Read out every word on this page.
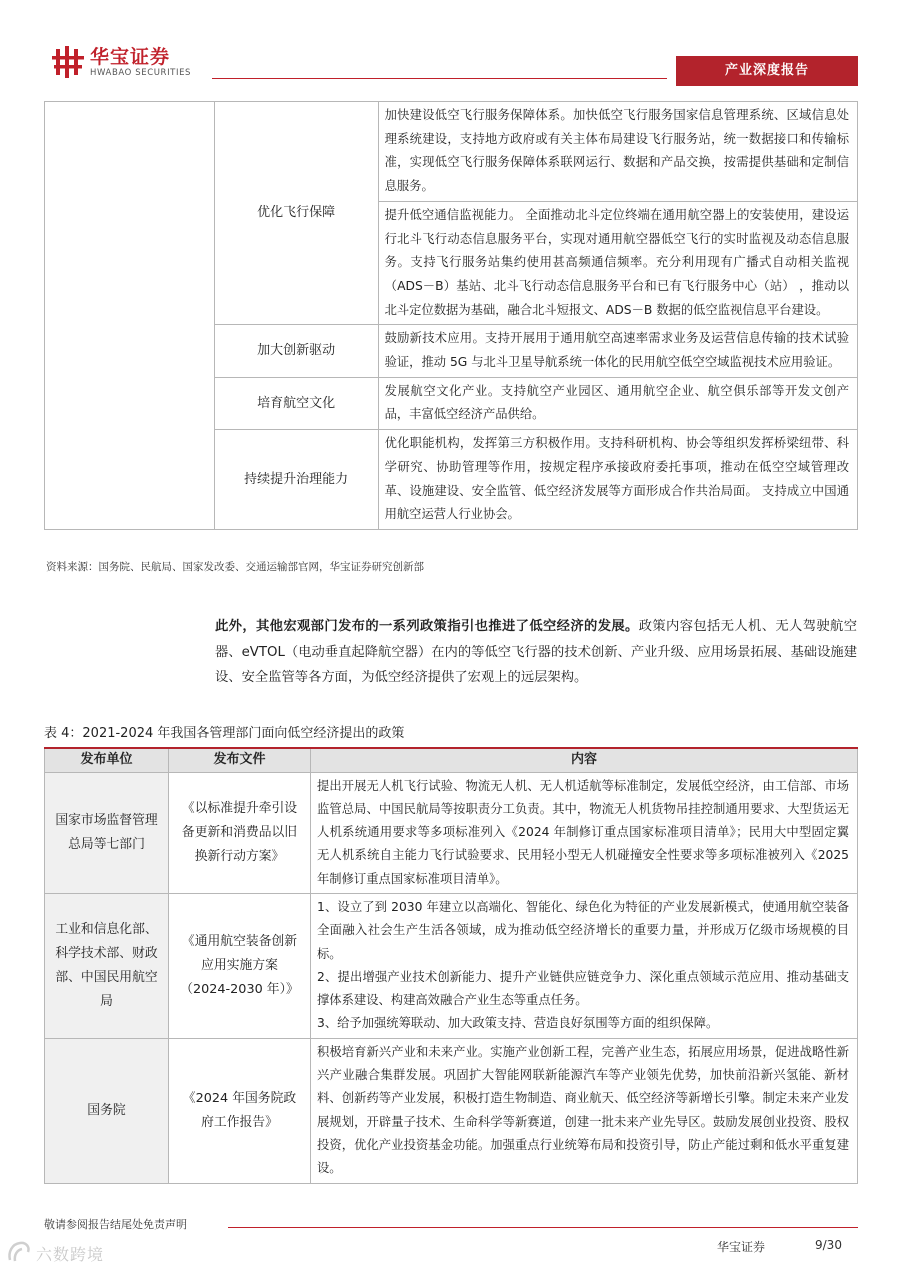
华宝证券
HWABAO SECURITIES	产业深度报告
	优化飞行保障	加快建设低空飞行服务保障体系。加快低空飞行服务国家信息管理系统、区域信息处理系统建设，支持地方政府或有关主体布局建设飞行服务站，统一数据接口和传输标准，实现低空飞行服务保障体系联网运行、数据和产品交换，按需提供基础和定制信息服务。
		提升低空通信监视能力。 全面推动北斗定位终端在通用航空器上的安装使用，建设运行北斗飞行动态信息服务平台，实现对通用航空器低空飞行的实时监视及动态信息服务。支持飞行服务站集约使用甚高频通信频率。充分利用现有广播式自动相关监视（ADS－B）基站、北斗飞行动态信息服务平台和已有飞行服务中心（站） ，推动以北斗定位数据为基础，融合北斗短报文、ADS－B 数据的低空监视信息平台建设。
	加大创新驱动	鼓励新技术应用。支持开展用于通用航空高速率需求业务及运营信息传输的技术试验验证，推动 5G 与北斗卫星导航系统一体化的民用航空低空空域监视技术应用验证。
	培育航空文化	发展航空文化产业。支持航空产业园区、通用航空企业、航空俱乐部等开发文创产品，丰富低空经济产品供给。
	持续提升治理能力	优化职能机构，发挥第三方积极作用。支持科研机构、协会等组织发挥桥梁纽带、科学研究、协助管理等作用，按规定程序承接政府委托事项，推动在低空空域管理改革、设施建设、安全监管、低空经济发展等方面形成合作共治局面。 支持成立中国通用航空运营人行业协会。
资料来源：国务院、民航局、国家发改委、交通运输部官网，华宝证券研究创新部
此外，其他宏观部门发布的一系列政策指引也推进了低空经济的发展。政策内容包括无人机、无人驾驶航空器、eVTOL（电动垂直起降航空器）在内的等低空飞行器的技术创新、产业升级、应用场景拓展、基础设施建设、安全监管等各方面，为低空经济提供了宏观上的远层架构。
表 4：2021-2024 年我国各管理部门面向低空经济提出的政策
发布单位	发布文件	内容
国家市场监督管理总局等七部门	《以标准提升牵引设备更新和消费品以旧换新行动方案》	提出开展无人机飞行试验、物流无人机、无人机适航等标准制定，发展低空经济，由工信部、市场监管总局、中国民航局等按职责分工负责。其中，物流无人机货物吊挂控制通用要求、大型货运无人机系统通用要求等多项标准列入《2024 年制修订重点国家标准项目清单》；民用大中型固定翼无人机系统自主能力飞行试验要求、民用轻小型无人机碰撞安全性要求等多项标准被列入《2025 年制修订重点国家标准项目清单》。
工业和信息化部、科学技术部、财政部、中国民用航空局	《通用航空装备创新应用实施方案（2024-2030 年）》	1、设立了到 2030 年建立以高端化、智能化、绿色化为特征的产业发展新模式，使通用航空装备全面融入社会生产生活各领域，成为推动低空经济增长的重要力量，并形成万亿级市场规模的目标。
2、提出增强产业技术创新能力、提升产业链供应链竞争力、深化重点领域示范应用、推动基础支撑体系建设、构建高效融合产业生态等重点任务。
3、给予加强统筹联动、加大政策支持、营造良好氛围等方面的组织保障。

国务院	《2024 年国务院政府工作报告》	积极培育新兴产业和未来产业。实施产业创新工程，完善产业生态，拓展应用场景，促进战略性新兴产业融合集群发展。巩固扩大智能网联新能源汽车等产业领先优势，加快前沿新兴氢能、新材料、创新药等产业发展，积极打造生物制造、商业航天、低空经济等新增长引擎。制定未来产业发展规划，开辟量子技术、生命科学等新赛道，创建一批未来产业先导区。鼓励发展创业投资、股权投资，优化产业投资基金功能。加强重点行业统筹布局和投资引导，防止产能过剩和低水平重复建设。
敬请参阅报告结尾处免责声明
华宝证券	9/30
六数跨境
